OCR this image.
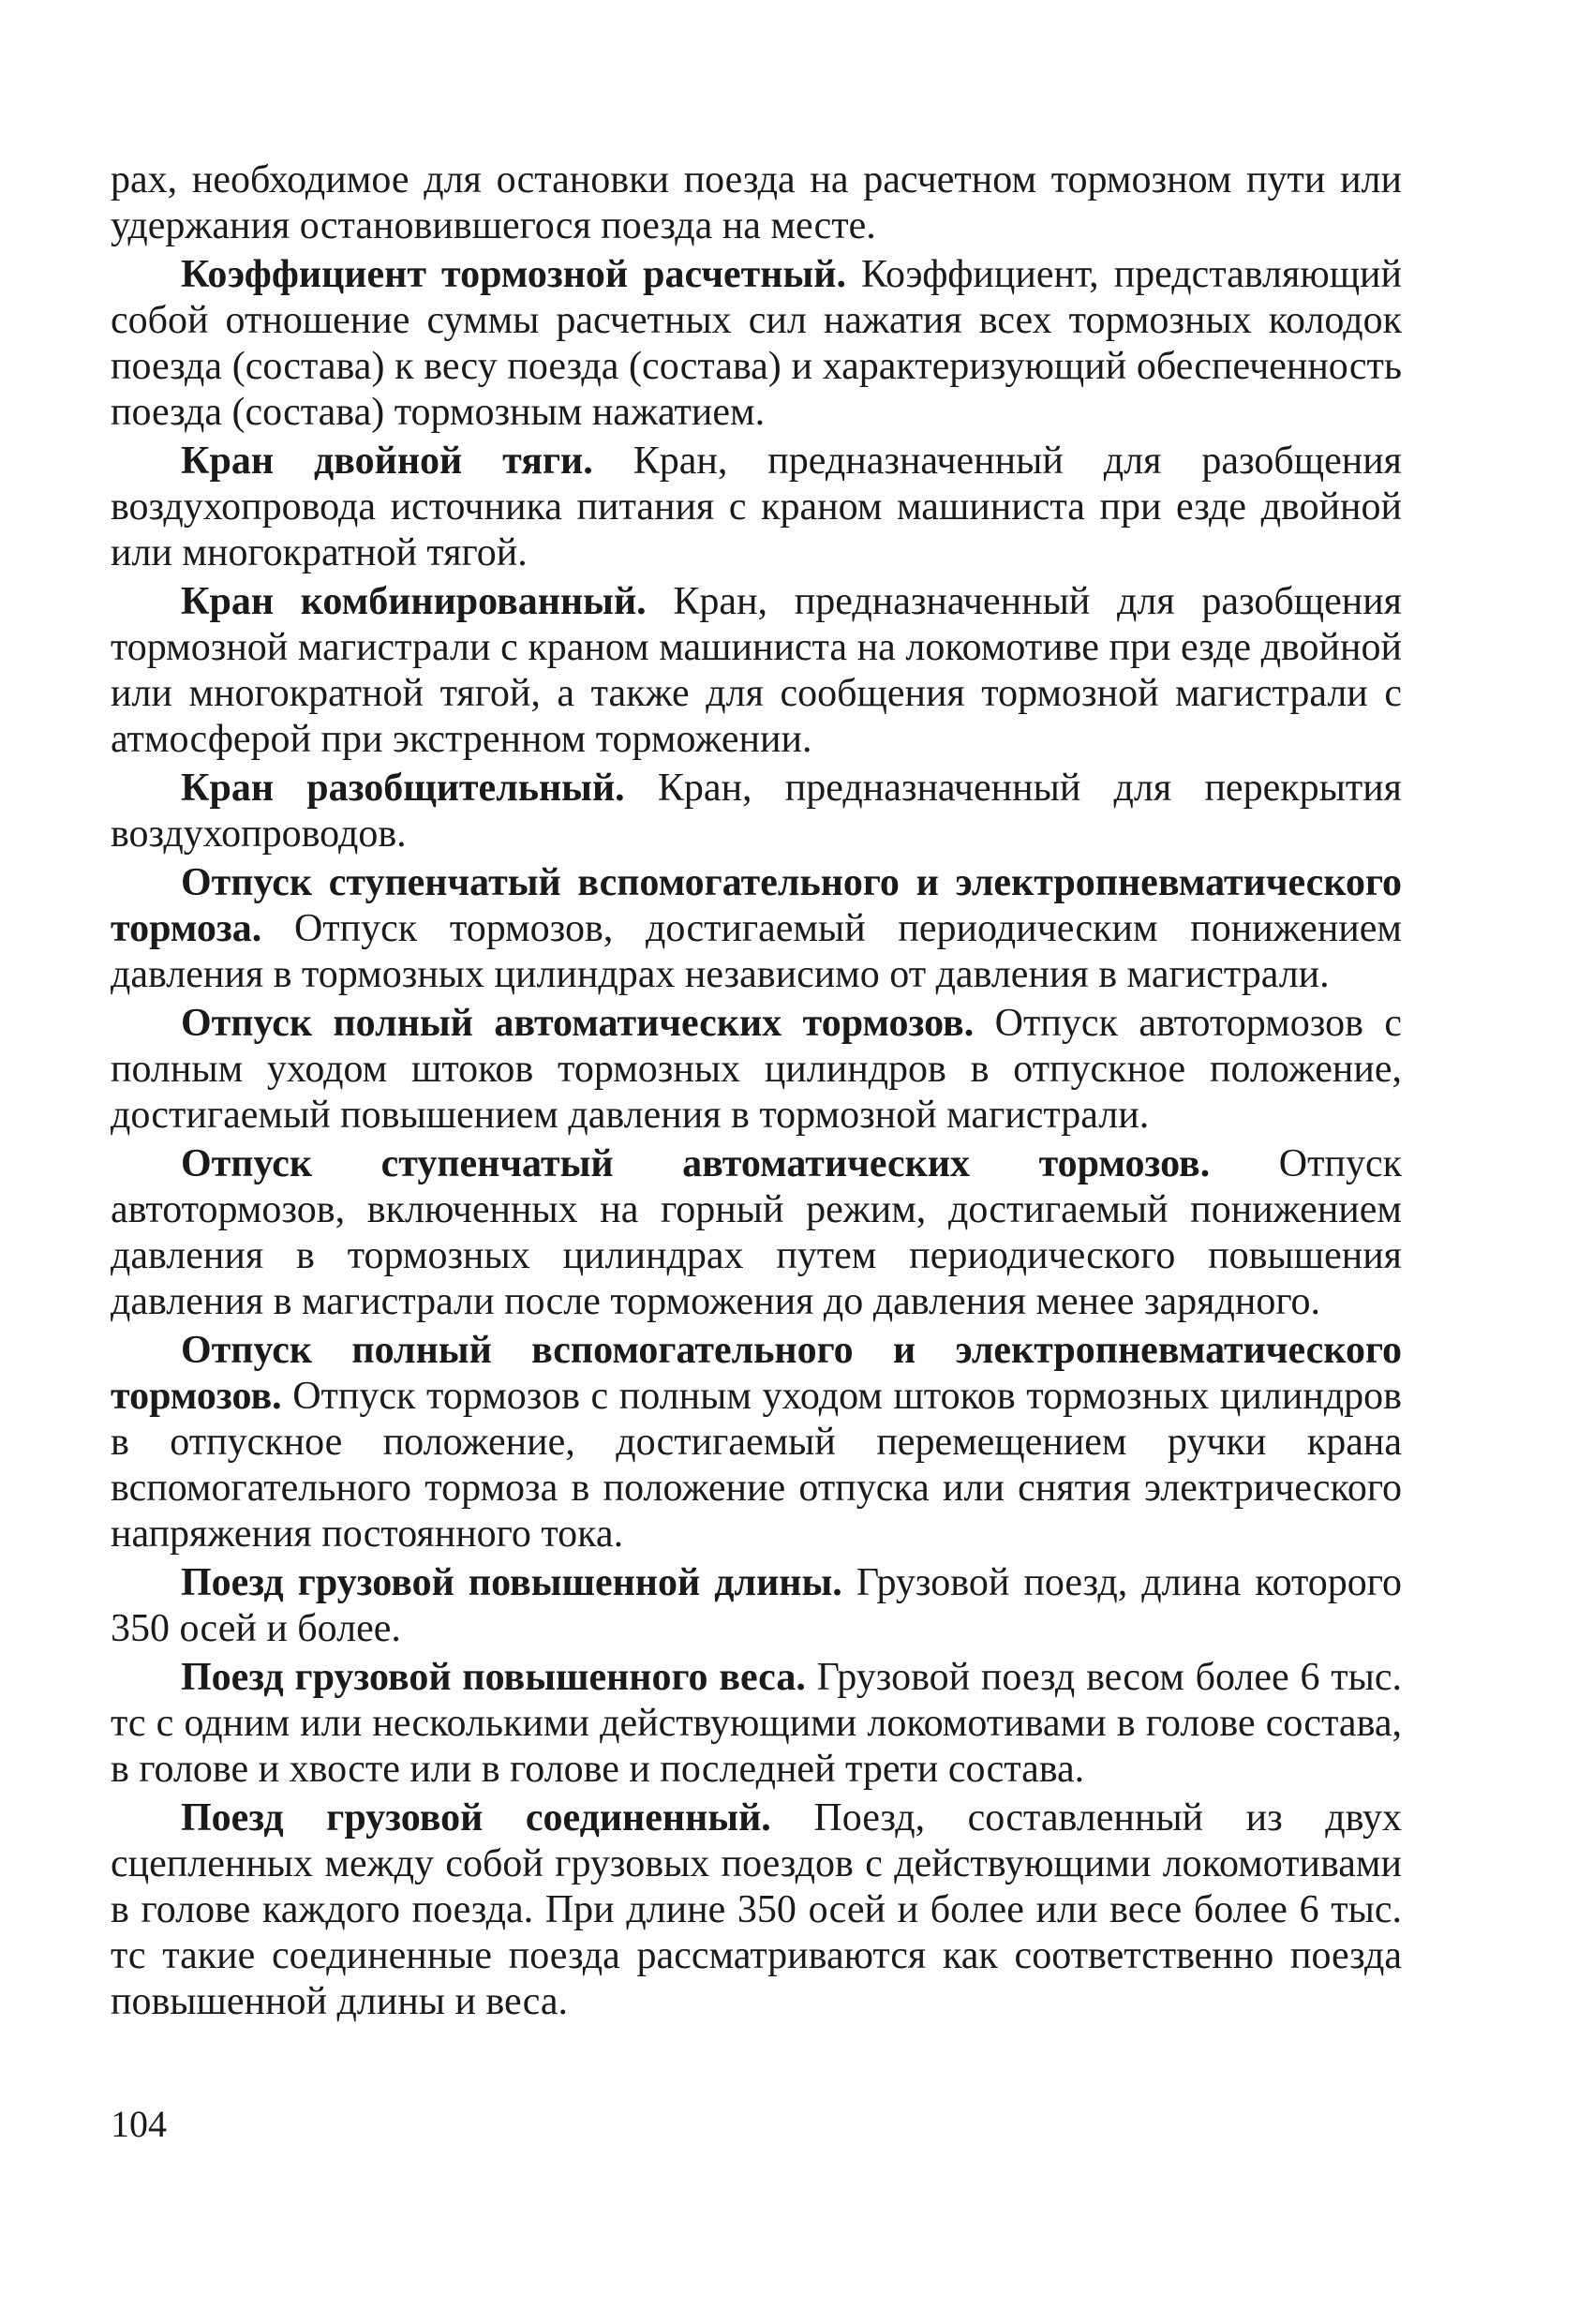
рах, необходимое для остановки поезда на расчетном тормозном пути или удержания остановившегося поезда на месте.

Коэффициент тормозной расчетный. Коэффициент, представляющий собой отношение суммы расчетных сил нажатия всех тормозных колодок поезда (состава) к весу поезда (состава) и характеризующий обеспеченность поезда (состава) тормозным нажатием.

Кран двойной тяги. Кран, предназначенный для разобщения воздухопровода источника питания с краном машиниста при езде двойной или многократной тягой.

Кран комбинированный. Кран, предназначенный для разобщения тормозной магистрали с краном машиниста на локомотиве при езде двойной или многократной тягой, а также для сообщения тормозной магистрали с атмосферой при экстренном торможении.

Кран разобщительный. Кран, предназначенный для перекрытия воздухопроводов.

Отпуск ступенчатый вспомогательного и электропневматического тормоза. Отпуск тормозов, достигаемый периодическим понижением давления в тормозных цилиндрах независимо от давления в магистрали.

Отпуск полный автоматических тормозов. Отпуск автотормозов с полным уходом штоков тормозных цилиндров в отпускное положение, достигаемый повышением давления в тормозной магистрали.

Отпуск ступенчатый автоматических тормозов. Отпуск автотормозов, включенных на горный режим, достигаемый понижением давления в тормозных цилиндрах путем периодического повышения давления в магистрали после торможения до давления менее зарядного.

Отпуск полный вспомогательного и электропневматического тормозов. Отпуск тормозов с полным уходом штоков тормозных цилиндров в отпускное положение, достигаемый перемещением ручки крана вспомогательного тормоза в положение отпуска или снятия электрического напряжения постоянного тока.

Поезд грузовой повышенной длины. Грузовой поезд, длина которого 350 осей и более.

Поезд грузовой повышенного веса. Грузовой поезд весом более 6 тыс. тс с одним или несколькими действующими локомотивами в голове состава, в голове и хвосте или в голове и последней трети состава.

Поезд грузовой соединенный. Поезд, составленный из двух сцепленных между собой грузовых поездов с действующими локомотивами в голове каждого поезда. При длине 350 осей и более или весе более 6 тыс. тс такие соединенные поезда рассматриваются как соответственно поезда повышенной длины и веса.

104
